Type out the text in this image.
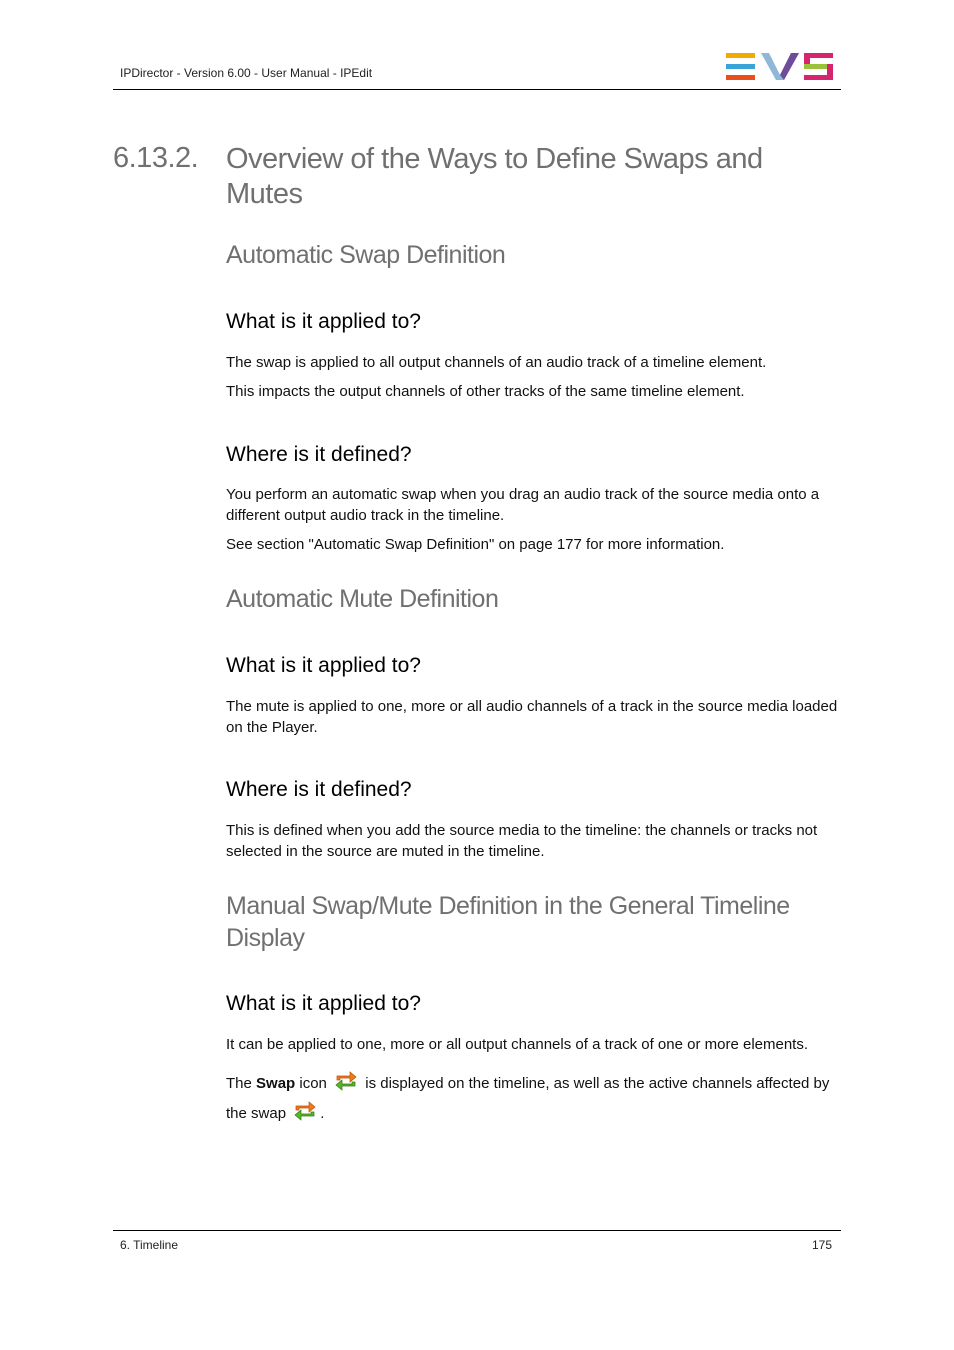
IPDirector - Version 6.00 - User Manual - IPEdit
6.13.2. Overview of the Ways to Define Swaps and Mutes
Automatic Swap Definition
What is it applied to?
The swap is applied to all output channels of an audio track of a timeline element.
This impacts the output channels of other tracks of the same timeline element.
Where is it defined?
You perform an automatic swap when you drag an audio track of the source media onto a different output audio track in the timeline.
See section "Automatic Swap Definition" on page 177 for more information.
Automatic Mute Definition
What is it applied to?
The mute is applied to one, more or all audio channels of a track in the source media loaded on the Player.
Where is it defined?
This is defined when you add the source media to the timeline: the channels or tracks not selected in the source are muted in the timeline.
Manual Swap/Mute Definition in the General Timeline Display
What is it applied to?
It can be applied to one, more or all output channels of a track of one or more elements.
The Swap icon  is displayed on the timeline, as well as the active channels affected by the swap .
6. Timeline	175
